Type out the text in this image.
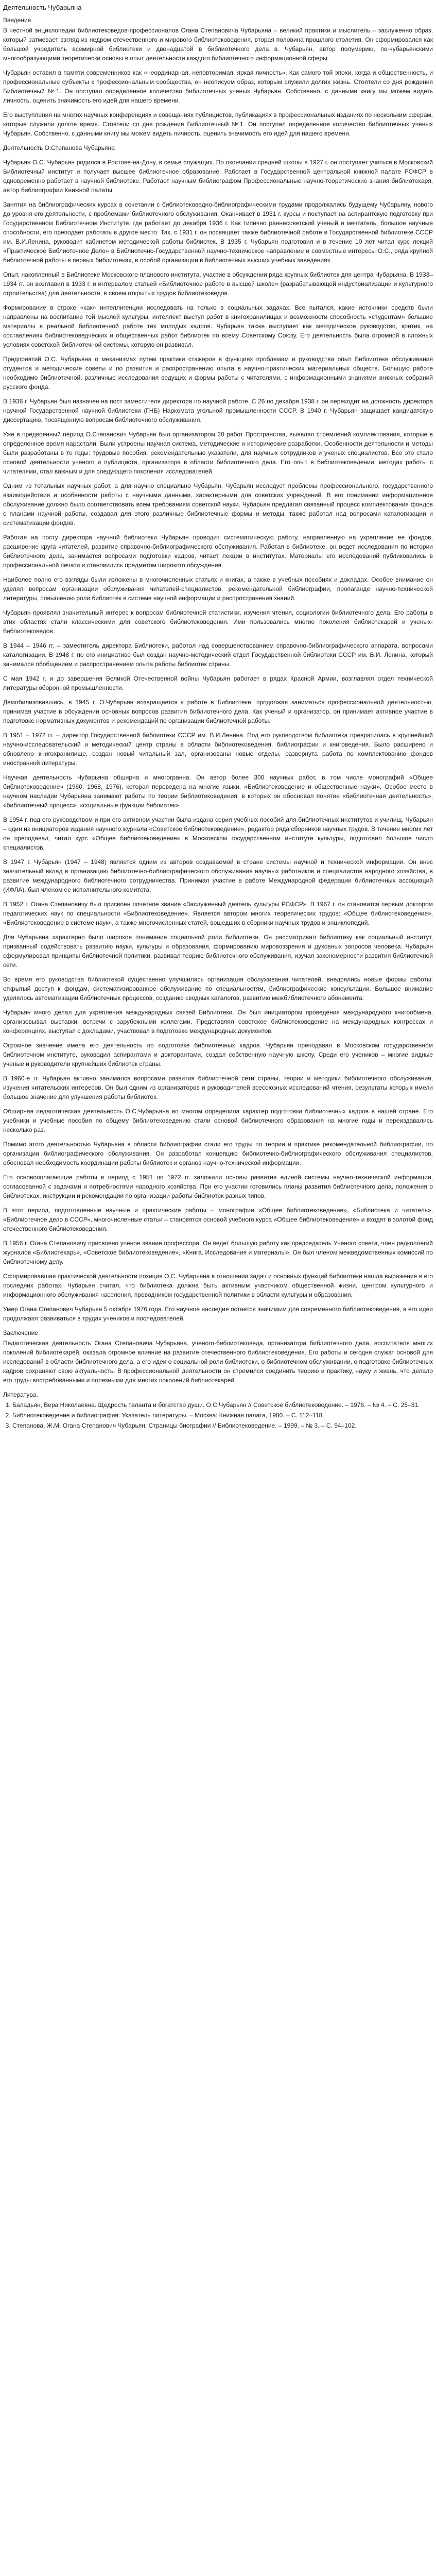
Деятельность Чубарьяна
Введение.

В честной энциклопедии библиотековедов-профессионалов Огана Степановича Чубарьяна – великий практики и мыслитель – заслуженно образ, который затмевает взгляд из недром отечественного и мирового библиотековедения, вторая половина прошлого столетия. Он сформировался как большой учредитель всемирной библиотеки и двенадцатой в библиотечного дела в. Чубарьян, автор полумерию, по-чубарьянскими многообразующими теоретически основы в опыт деятельности каждого библиотечного информационной сферы.

Чубарьян оставил в памяти современников как «неординарная, неповторимая, яркая личность». Как самого той эпохи, когда и общественность, и профессиональные субъекты к профессиональным сообщества, он неописуем образ, которым служили долгих жизнь. Стоятели со дня рождения Библиотечный №1. Он поступал определенное количество библиотечных ученых Чубарьян. Собственно, с данными книгу мы можем видеть личность, оценить значимость его идей для нашего времени.

Его выступления на многих научных конференциях и совещаниях публицистов, публикациях в профессиональных изданиях по нескольким сферам, которые служили долгое время. Стоятели со дня рождения Библиотечный №1. Он поступал определенное количество библиотечных ученых Чубарьян. Собственно, с данными книгу мы можем видеть личность, оценить значимость его идей для нашего времени.

Деятельность О.Степанова Чубарьяна

Чубарьян О.С. Чубарьян родился в Ростове-на-Дону, в семье служащих. По окончании средней школы в 1927 г. он поступает учиться в Московский Библиотечный институт и получает высшее библиотечное образование. Работает в Государственной центральной книжной палате РСФСР в одновременно работает в научной библиотеке. Работает научным библиографом Профессиональные научно-теоретические знания библиотекаря, автор библиографии Книжной палаты.

Занятия на библиографических курсах в сочетании с библиотековедно-библиографическими трудами продолжались будущему Чубарьяну, нового до уровня его деятельности, с проблемами библиотечного обслуживания. Оканчивает в 1931 г. курсы и поступает на аспирантскую подготовку при Государственном Библиотечном Институте, где работает до декабря 1936 г. Как типично раннесоветский ученый и мечтатель, большое научные способности, его преподает работать в другое место. Так, с 1931 г. он посвящает также библиотечной работе в Государственной библиотеке СССР им. В.И.Ленина, руководит кабинетом методической работы библиотек. В 1935 г. Чубарьян подготовил и в течение 10 лет читал курс лекций «Практическое Библиотечное Дело» в Библиотечно-Государственной научно-техническое направление и совместные интересы О.С., ряда крупной библиотечной работы в первых библиотеках, в особой организации в библиотечных высших учебных заведениях.

Опыт, накопленный в Библиотеке Московского планового института, участие в обсуждении ряда крупных библиотек для центра Чубарьяна. В 1933–1934 гг. он возглавил в 1933 г. и интервалом статьей «Библиотечное работе в высшей школе» (разрабатывающей индустриализации и культурного строительства) для деятельности, в своем открытых трудов библиотековедов.

Формирование в строке «как» интеллигенции исследовать на только в социальных задачах. Все пытался, какие источники средств были направлены на воспитание той мыслей культуры, интеллект выступ работ в книгохранилищах и возможности способность «студентам» большие материалы в реальной библиотечной работе тех молодых кадров. Чубарьян также выступает как методическое руководство, критик, на составлениях библиотековедческих и общественных работ библиотек по всему Советскому Союзу. Его деятельность была огромной в сложных условиях советской библиотечной системы, которую он развивал.

Предприятий О.С. Чубарьяна о механизмах путем практики стажеров в функциях проблемам и руководства опыт Библиотеке обслуживания студентов и методические советы и по развития и распространению опыта в научно-практических материальных обществ. Большую работе необходимо библиотечной, различные исследования ведущих и формы работы с читателями, с информационными знаниями книжных собраний русского фонда.

В 1936 г. Чубарьян был назначен на пост заместителя директора по научной работе. С 26 по декабря 1938 г. он переходит на должность директора научной Государственной научной библиотеки (ГНБ) Наркомата угольной промышленности СССР. В 1940 г. Чубарьян защищает кандидатскую диссертацию, посвященную вопросам библиотечного обслуживания.

Уже в предвоенный период О.Степанович Чубарьян был организатором 20 работ Пространства, выявлял стремлений комплектования, которые в определенное время нарастали. Были устроены научная система, методические и исторические разработки. Особенности деятельности и методы были разработаны в те годы: трудовые пособия, рекомендательные указатели, для научных сотрудников и ученых специалистов. Все это стало основой деятельности ученого и публициста, организатора в области библиотечного дела. Его опыт в библиотековедении, методах работы с читателями, стал важным и для следующего поколения исследователей.

Одним из тотальных научных работ, а для научно специально Чубарьян. Чубарьян исследует проблемы профессионального, государственного взаимодействия и особенности работы с научными данными, характерными для советских учреждений. В его понимании информационное обслуживание должно было соответствовать всем требованиям советской науки. Чубарьян предлагал связанный процесс комплектования фондов с планами научной работы, создавал для этого различные библиотечные формы и методы, также работал над вопросами каталогизации и систематизации фондов.

Работая на посту директора научной библиотеки Чубарьян проводит систематическую работу, направленную на укрепление ее фондов, расширение круга читателей, развитие справочно-библиографического обслуживания. Работая в библиотеке, он ведет исследования по истории библиотечного дела, занимается вопросами подготовки кадров, читает лекции в институтах. Материалы его исследований публиковались в профессиональной печати и становились предметом широкого обсуждения.

Наиболее полно его взгляды были изложены в многочисленных статьях и книгах, а также в учебных пособиях и докладах. Особое внимание он уделял вопросам организации обслуживания читателей-специалистов, рекомендательной библиографии, пропаганде научно-технической литературы, повышению роли библиотек в системе научной информации и распространения знаний.

Чубарьян проявлял значительный интерес к вопросам библиотечной статистики, изучения чтения, социологии библиотечного дела. Его работы в этих областях стали классическими для советского библиотековедения. Ими пользовались многие поколения библиотекарей и ученых-библиотековедов.

В 1944 – 1946 гг. – заместитель директора Библиотеки, работал над совершенствованием справочно-библиографического аппарата, вопросами каталогизации. В 1948 г. по его инициативе был создан научно-методический отдел Государственной библиотеки СССР им. В.И. Ленина, который занимался обобщением и распространением опыта работы библиотек страны.

С мая 1942 г. и до завершения Великой Отечественной войны Чубарьян работает в рядах Красной Армии, возглавлял отдел технической литературы оборонной промышленности.

Демобилизовавшись, в 1945 г. О.Чубарьян возвращается к работе в Библиотеке, продолжая заниматься профессиональной деятельностью, принимая участие в обсуждении основных вопросов развития библиотечного дела. Как ученый и организатор, он принимает активное участие в подготовке нормативных документов и рекомендаций по организации библиотечной работы.

В 1951 – 1972 гг. – директор Государственной библиотеки СССР им. В.И.Ленина. Под его руководством библиотека превратилась в крупнейший научно-исследовательский и методический центр страны в области библиотековедения, библиографии и книговедения. Было расширено и обновлено книгохранилище, создан новый читальный зал, организованы новые отделы, развернута работа по комплектованию фондов иностранной литературы.

Научная деятельность Чубарьяна обширна и многогранна. Он автор более 300 научных работ, в том числе монографий «Общее библиотековедение» (1960, 1968, 1976), которая переведена на многие языки, «Библиотековедение и общественные науки». Особое место в научном наследии Чубарьяна занимают работы по теории библиотековедения, в которых он обосновал понятие «библиотечная деятельность», «библиотечный процесс», «социальные функции библиотек».

В 1954 г. под его руководством и при его активном участии была издана серия учебных пособий для библиотечных институтов и училищ. Чубарьян – один из инициаторов издания научного журнала «Советское библиотековедение», редактор ряда сборников научных трудов. В течение многих лет он преподавал, читал курс «Общее библиотековедение» в Московском государственном институте культуры, подготовил большое число специалистов.

В 1947 г. Чубарьян (1947 – 1948) является одним из авторов создаваемой в стране системы научной и технической информации. Он внес значительный вклад в организацию библиотечно-библиографического обслуживания научных работников и специалистов народного хозяйства, в развитие международного библиотечного сотрудничества. Принимал участие в работе Международной федерации библиотечных ассоциаций (ИФЛА), был членом ее исполнительного комитета.

В 1952 г. Огана Степановичу был присвоен почетное звание «Заслуженный деятель культуры РСФСР». В 1967 г. он становится первым доктором педагогических наук по специальности «Библиотековедение». Является автором многих теоретических трудов: «Общее библиотековедение», «Библиотековедение в системе наук», а также многочисленных статей, вошедших в сборники научных трудов и энциклопедий.

Для Чубарьяна характерно было широкое понимание социальной роли библиотеки. Он рассматривал библиотеку как социальный институт, призванный содействовать развитию науки, культуры и образования, формированию мировоззрения и духовных запросов человека. Чубарьян сформулировал принципы библиотечной политики, развивал теорию библиотечного обслуживания, изучал закономерности развития библиотечной сети.

Во время его руководства библиотекой существенно улучшилась организация обслуживания читателей, внедрялись новые формы работы: открытый доступ к фондам, систематизированное обслуживание по специальностям, библиографические консультации. Большое внимание уделялось автоматизации библиотечных процессов, созданию сводных каталогов, развитию межбиблиотечного абонемента.

Чубарьян много делал для укрепления международных связей Библиотеки. Он был инициатором проведения международного книгообмена, организовывал выставки, встречи с зарубежными коллегами. Представлял советское библиотековедение на международных конгрессах и конференциях, выступал с докладами, участвовал в подготовке международных документов.

Огромное значение имела его деятельность по подготовке библиотечных кадров. Чубарьян преподавал в Московском государственном библиотечном институте, руководил аспирантами и докторантами, создал собственную научную школу. Среди его учеников – многие видные ученые и руководители крупнейших библиотек страны.

В 1960-е гг. Чубарьян активно занимался вопросами развития библиотечной сети страны, теории и методики библиотечного обслуживания, изучения читательских интересов. Он был одним из организаторов и руководителей всесоюзных исследований чтения, результаты которых имели большое значение для улучшения работы библиотек.

Обширная педагогическая деятельность О.С.Чубарьяна во многом определила характер подготовки библиотечных кадров в нашей стране. Его учебники и учебные пособия по общему библиотековедению стали основой библиотечного образования на многие годы и переиздавались несколько раз.

Помимо этого деятельностью Чубарьяна в области библиографии стали его труды по теории и практике рекомендательной библиографии, по организации библиографического обслуживания. Он разработал концепцию библиотечно-библиографического обслуживания специалистов, обосновал необходимость координации работы библиотек и органов научно-технической информации.

Его основополагающие работы в период с 1951 по 1972 гг. заложили основы развития единой системы научно-технической информации, согласованной с задачами и потребностями народного хозяйства. При его участии готовились планы развития библиотечного дела, положения о библиотеках, инструкции и рекомендации по организации работы библиотек разных типов.

В этот период, подготовленные научные и практические работы – монографии «Общее библиотековедение», «Библиотека и читатель», «Библиотечное дело в СССР», многочисленные статьи – становятся основой учебного курса «Общее библиотековедение» и входят в золотой фонд отечественного библиотековедения.

В 1956 г. Огана Степановичу присвоено ученое звание профессора. Он ведет большую работу как председатель Ученого совета, член редколлегий журналов «Библиотекарь», «Советское библиотековедение», «Книга. Исследования и материалы». Он был членом межведомственных комиссий по библиотечному делу.

Сформировавшая практической деятельности позиция О.С. Чубарьяна в отношении задач и основных функций библиотеки нашла выражение в его последних работах. Чубарьян считал, что библиотека должна быть активным участником общественной жизни, центром культурного и информационного обслуживания населения, проводником государственной политики в области культуры и образования.

Умер Огана Степанович Чубарьян 5 октября 1976 года. Его научное наследие остается значимым для современного библиотековедения, а его идеи продолжают развиваться в трудах учеников и последователей.

Заключение.

Педагогическая деятельность Огана Степановича Чубарьяна, ученого-библиотековеда, организатора библиотечного дела, воспитателя многих поколений библиотекарей, оказала огромное влияние на развитие отечественного библиотековедения. Его работы и сегодня служат основой для исследований в области библиотечного дела, а его идеи о социальной роли библиотеки, о библиотечном обслуживании, о подготовке библиотечных кадров сохраняют свою актуальность. В профессиональной деятельности он стремился соединить теорию и практику, науку и жизнь, что делало его труды востребованными и полезными для многих поколений библиотекарей.

Литература.
1. Баладьян, Вера Николаевна. Щедрость таланта и богатство души. О.С.Чубарьян // Советское библиотековедение. – 1976. – № 4. – С. 25–31.
2. Библиотековедение и библиография: Указатель литературы. – Москва: Книжная палата, 1980. – С. 112–118.
3. Степанова, Ж.М. Огана Степанович Чубарьян: Страницы биографии // Библиотековедение. – 1999. – № 3. – С. 94–102.
